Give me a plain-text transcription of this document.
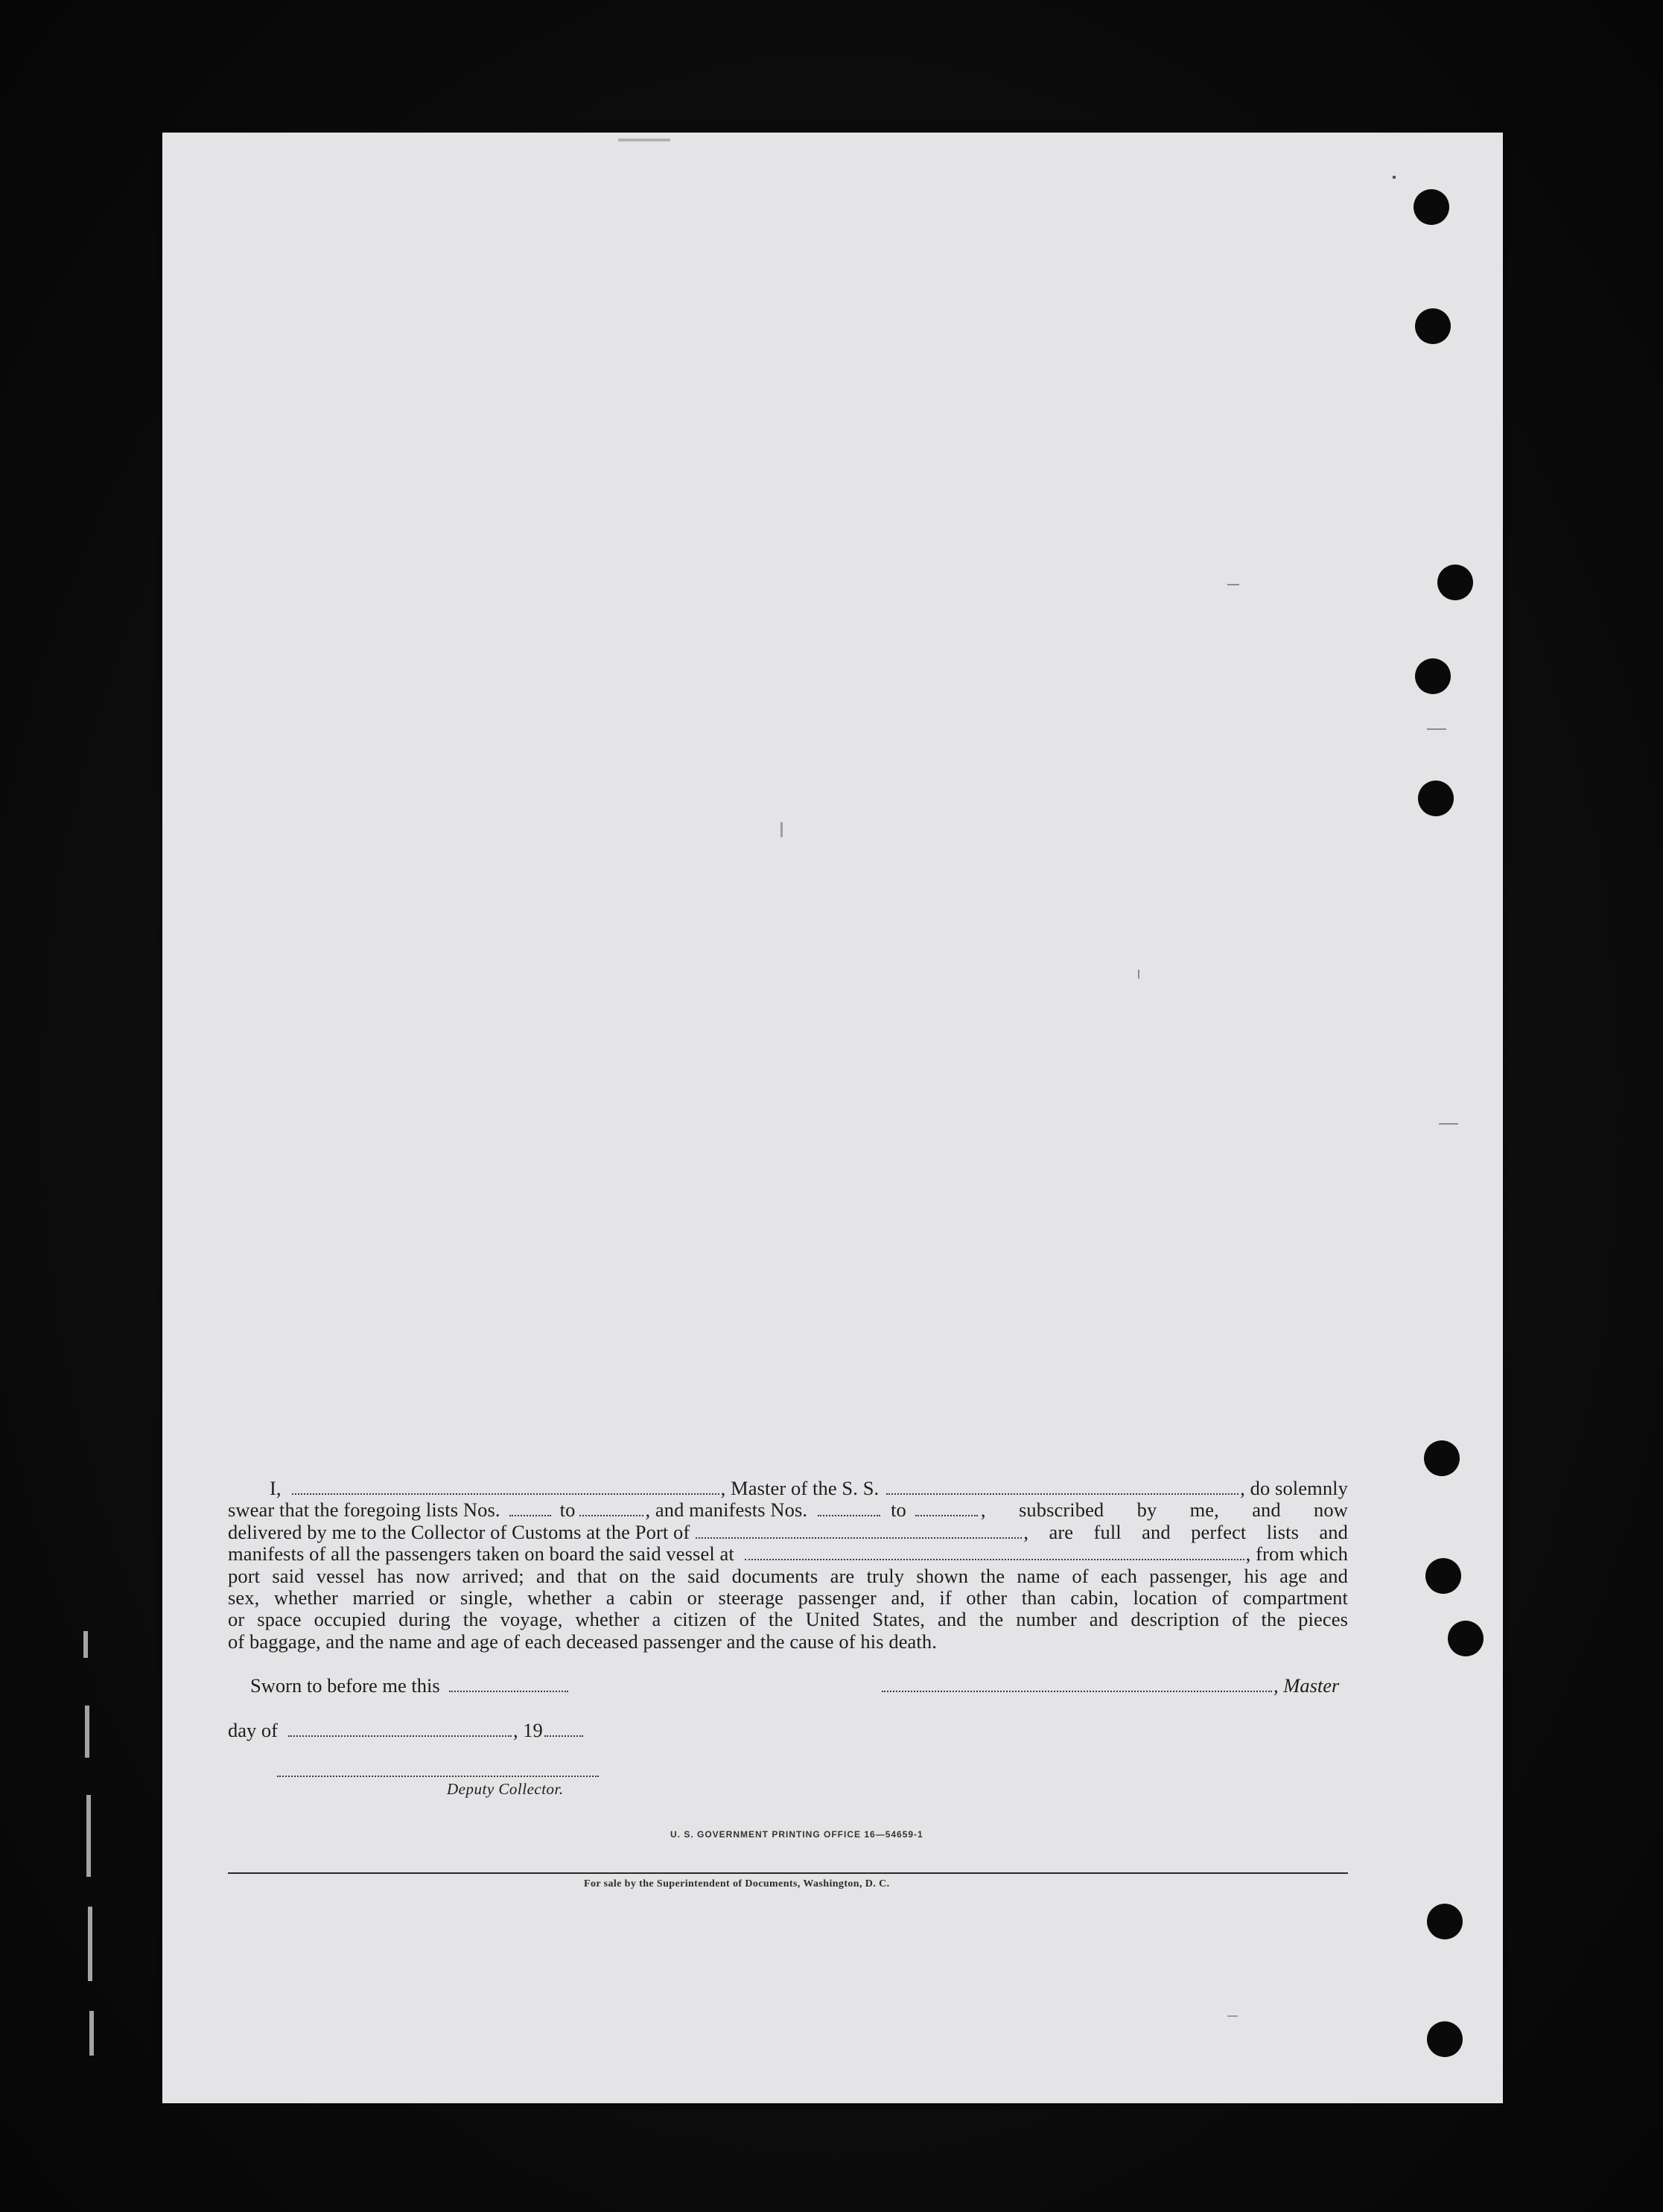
I,	, Master of the S. S.	, do solemnly
swear that the foregoing lists Nos.	to	, and manifests Nos.	to	, subscribed by me, and now
delivered by me to the Collector of Customs at the Port of	, are full and perfect lists and
manifests of all the passengers taken on board the said vessel at	, from which
port said vessel has now arrived; and that on the said documents are truly shown the name of each passenger, his age and
sex, whether married or single, whether a cabin or steerage passenger and, if other than cabin, location of compartment
or space occupied during the voyage, whether a citizen of the United States, and the number and description of the pieces
of baggage, and the name and age of each deceased passenger and the cause of his death.
Sworn to before me this	, Master
day of	, 19
Deputy Collector.
U. S. GOVERNMENT PRINTING OFFICE 16—54659-1
For sale by the Superintendent of Documents, Washington, D. C.
